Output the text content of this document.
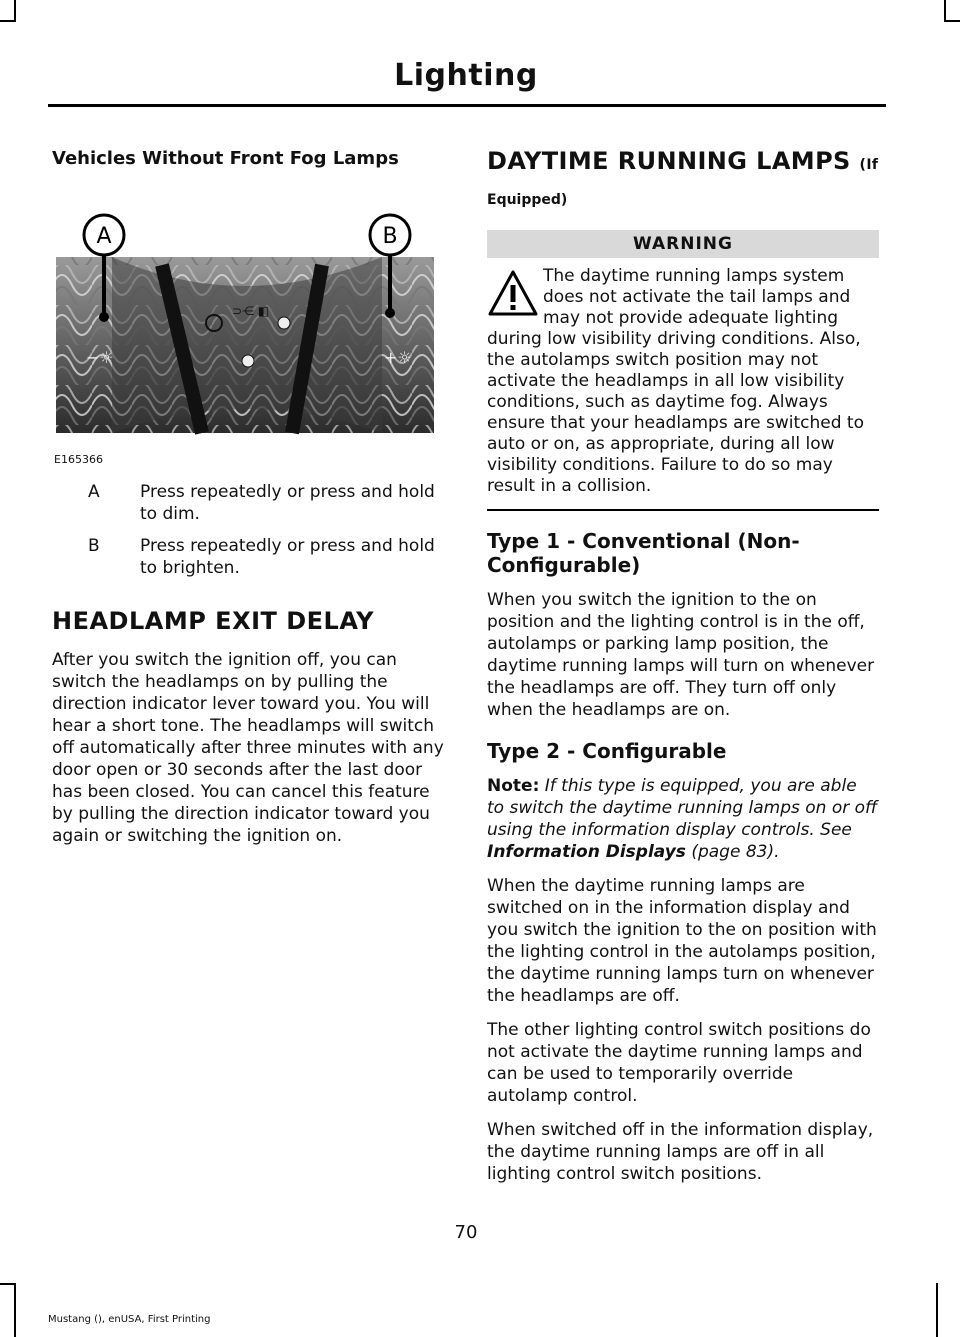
Lighting
Vehicles Without Front Fog Lamps
⊃⋲ ◧
−☼	+☼
A	B
E165366
A	Press repeatedly or press and hold to dim.
B	Press repeatedly or press and hold to brighten.
HEADLAMP EXIT DELAY

After you switch the ignition off, you can switch the headlamps on by pulling the direction indicator lever toward you. You will hear a short tone. The headlamps will switch off automatically after three minutes with any door open or 30 seconds after the last door has been closed. You can cancel this feature by pulling the direction indicator toward you again or switching the ignition on.

DAYTIME RUNNING LAMPS (If
Equipped)
WARNING
The daytime running lamps system does not activate the tail lamps and may not provide adequate lighting during low visibility driving conditions. Also, the autolamps switch position may not activate the headlamps in all low visibility conditions, such as daytime fog. Always ensure that your headlamps are switched to auto or on, as appropriate, during all low visibility conditions. Failure to do so may result in a collision.
Type 1 - Conventional (Non-Configurable)

When you switch the ignition to the on position and the lighting control is in the off, autolamps or parking lamp position, the daytime running lamps will turn on whenever the headlamps are off. They turn off only when the headlamps are on.

Type 2 - Configurable

Note: If this type is equipped, you are able to switch the daytime running lamps on or off using the information display controls. See Information Displays (page 83).

When the daytime running lamps are switched on in the information display and you switch the ignition to the on position with the lighting control in the autolamps position, the daytime running lamps turn on whenever the headlamps are off.

The other lighting control switch positions do not activate the daytime running lamps and can be used to temporarily override autolamp control.

When switched off in the information display, the daytime running lamps are off in all lighting control switch positions.

70
Mustang (), enUSA, First Printing
